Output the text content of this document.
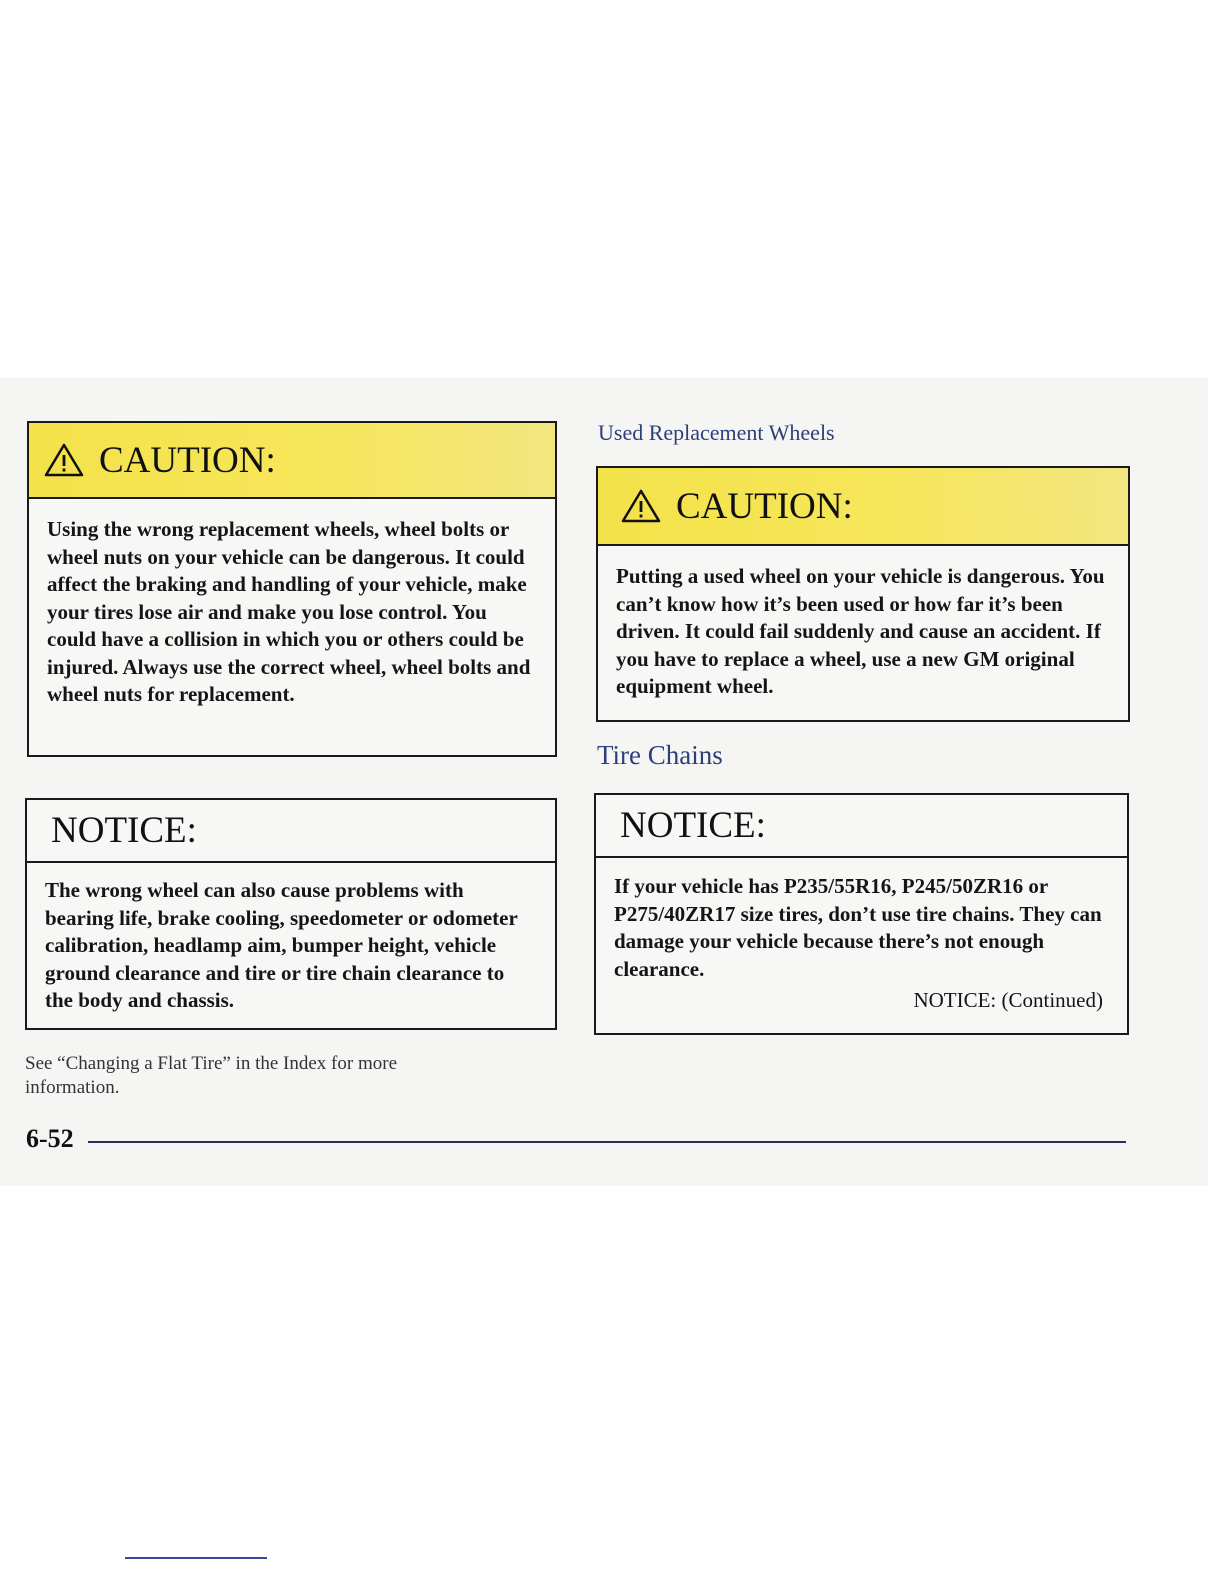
CAUTION:
Using the wrong replacement wheels, wheel bolts or wheel nuts on your vehicle can be dangerous. It could affect the braking and handling of your vehicle, make your tires lose air and make you lose control. You could have a collision in which you or others could be injured. Always use the correct wheel, wheel bolts and wheel nuts for replacement.
NOTICE:
The wrong wheel can also cause problems with bearing life, brake cooling, speedometer or odometer calibration, headlamp aim, bumper height, vehicle ground clearance and tire or tire chain clearance to the body and chassis.
See “Changing a Flat Tire” in the Index for more information.
Used Replacement Wheels
CAUTION:
Putting a used wheel on your vehicle is dangerous. You can’t know how it’s been used or how far it’s been driven. It could fail suddenly and cause an accident. If you have to replace a wheel, use a new GM original equipment wheel.
Tire Chains
NOTICE:
If your vehicle has P235/55R16, P245/50ZR16 or P275/40ZR17 size tires, don’t use tire chains. They can damage your vehicle because there’s not enough clearance.
NOTICE: (Continued)
6-52
